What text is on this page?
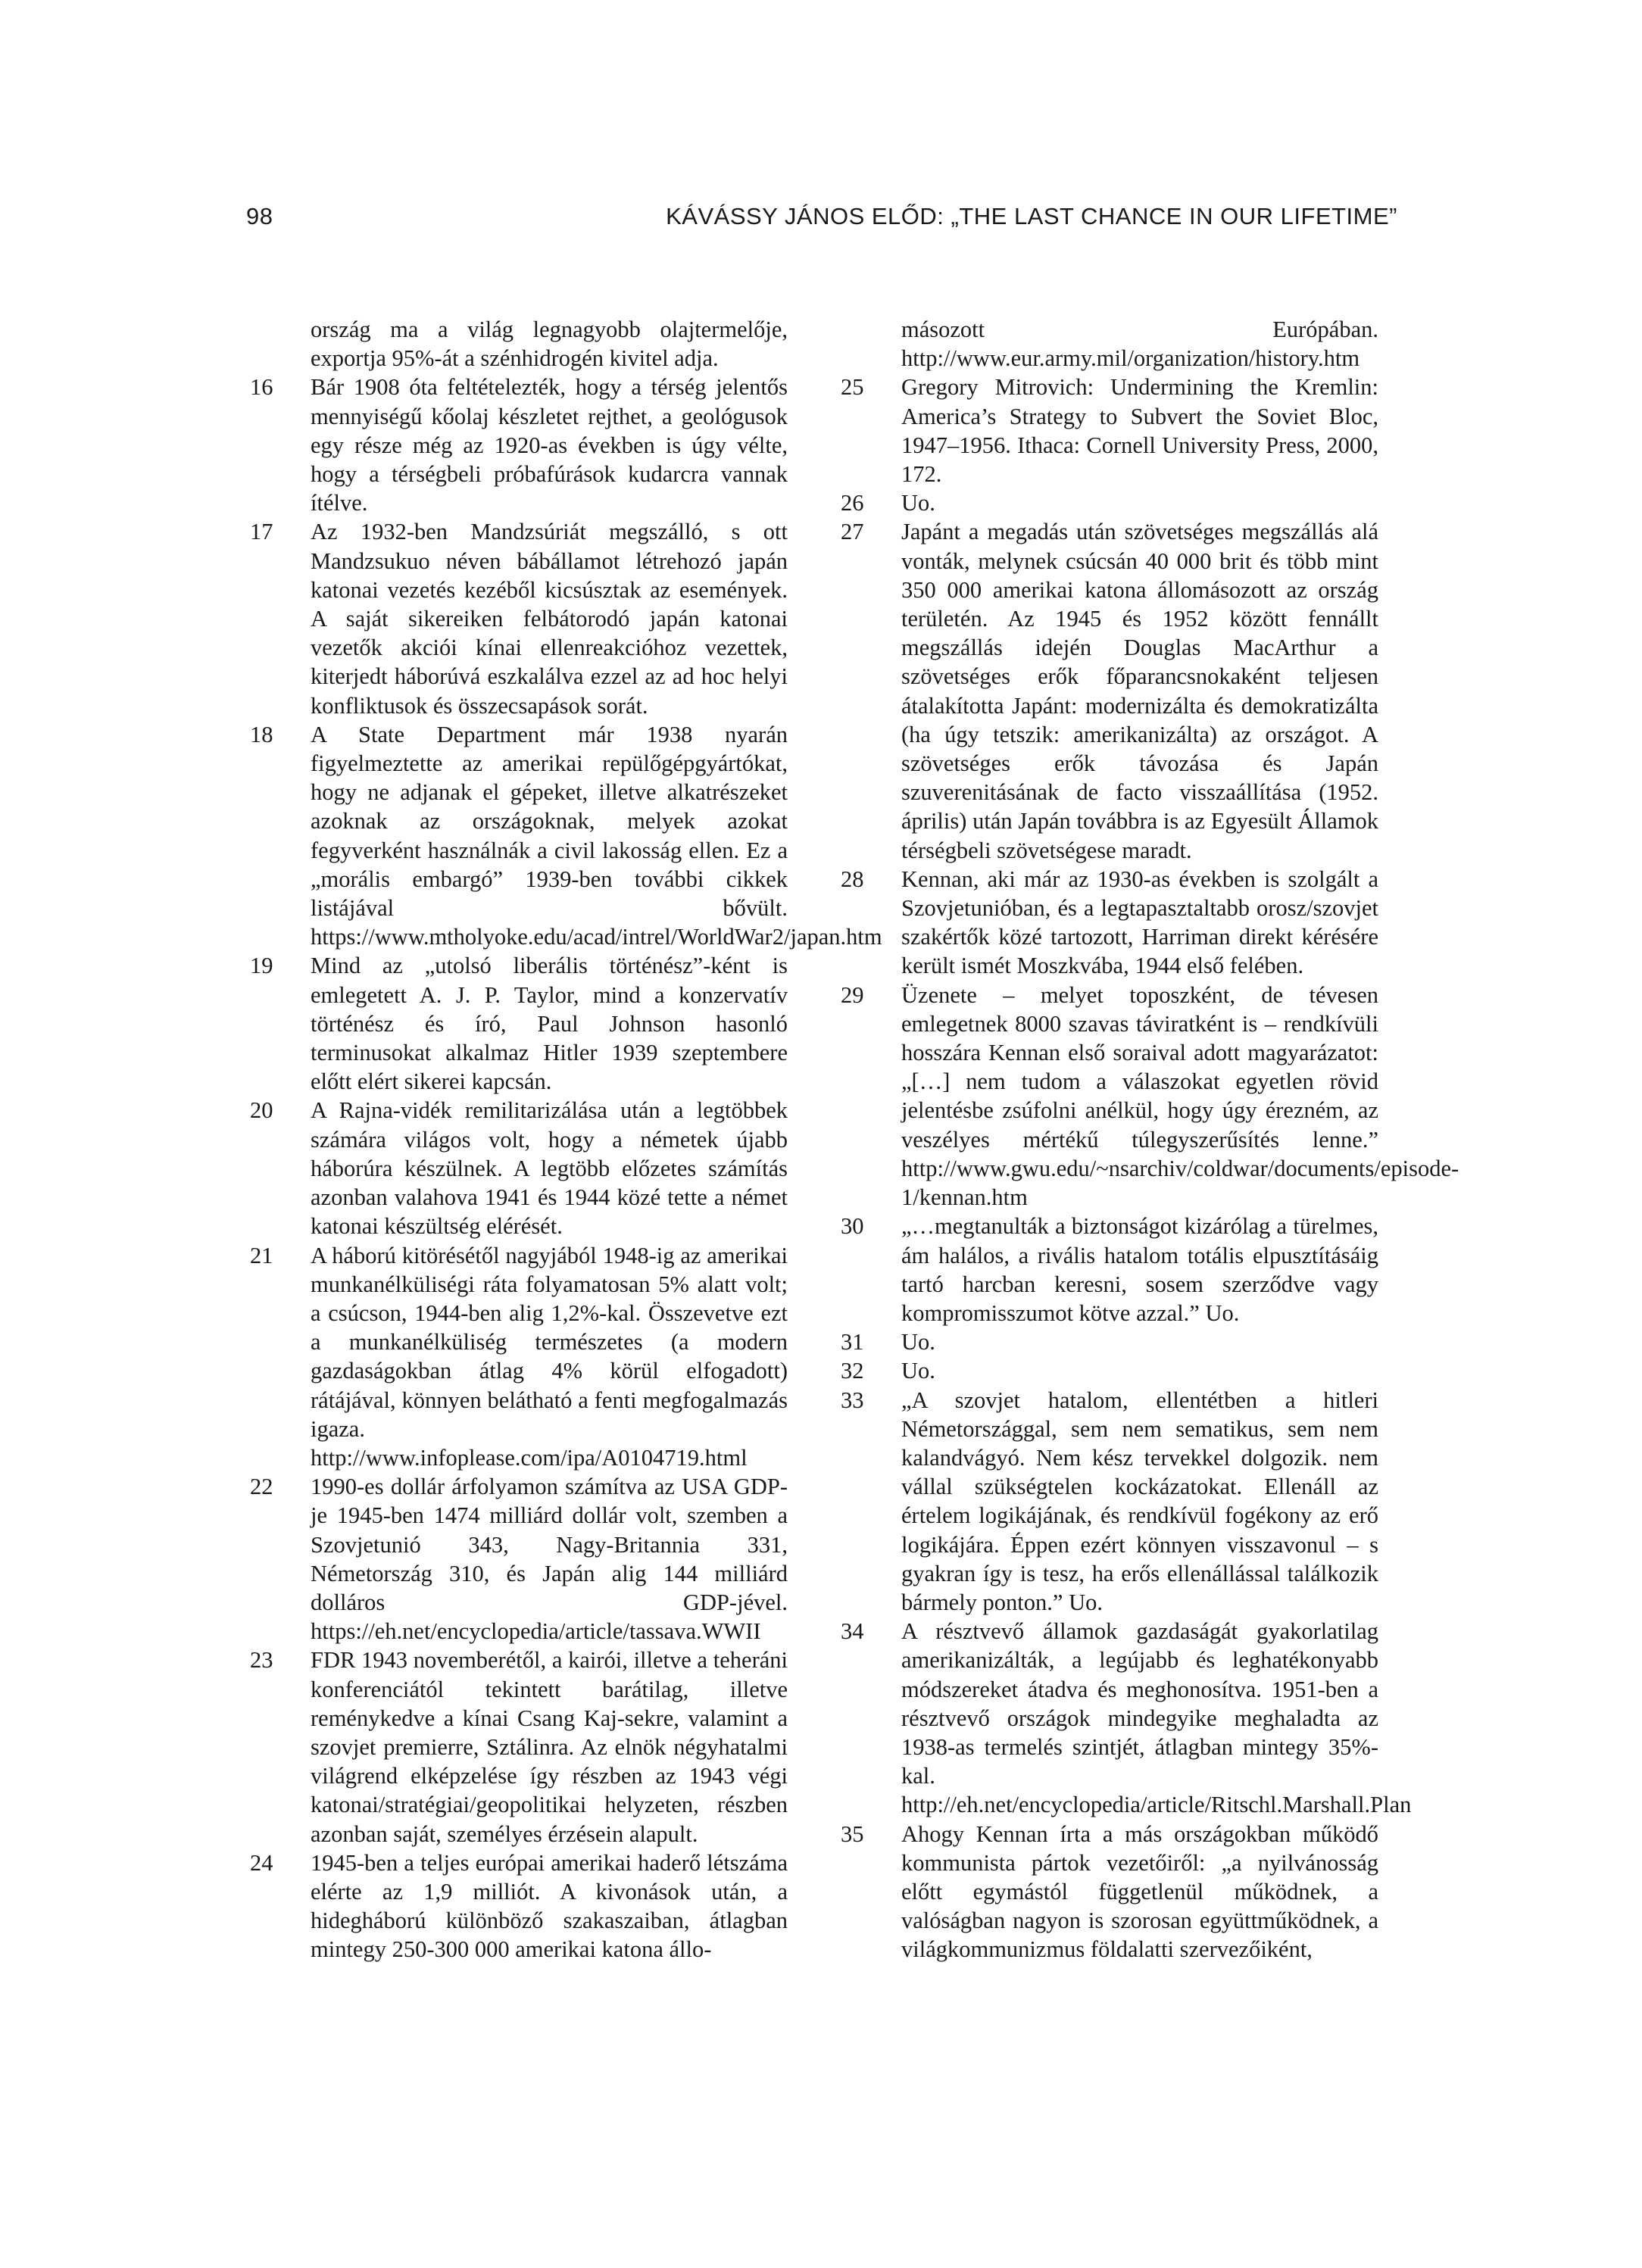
98	KÁVÁSSY JÁNOS ELŐD: „THE LAST CHANCE IN OUR LIFETIME”
ország ma a világ legnagyobb olajtermelője, exportja 95%-át a szénhidrogén kivitel adja.
16	Bár 1908 óta feltételezték, hogy a térség jelentős mennyiségű kőolaj készletet rejthet, a geológusok egy része még az 1920-as években is úgy vélte, hogy a térségbeli próbafúrások kudarcra vannak ítélve.
17	Az 1932-ben Mandzsúriát megszálló, s ott Mandzsukuo néven bábállamot létrehozó japán katonai vezetés kezéből kicsúsztak az események. A saját sikereiken felbátorodó japán katonai vezetők akciói kínai ellenreakcióhoz vezettek, kiterjedt háborúvá eszkalálva ezzel az ad hoc helyi konfliktusok és összecsapások sorát.
18	A State Department már 1938 nyarán figyelmeztette az amerikai repülőgépgyártókat, hogy ne adjanak el gépeket, illetve alkatrészeket azoknak az országoknak, melyek azokat fegyverként használnák a civil lakosság ellen. Ez a „morális embargó” 1939-ben további cikkek listájával bővült. https://www.mtholyoke.edu/acad/intrel/WorldWar2/japan.htm
19	Mind az „utolsó liberális történész”-ként is emlegetett A. J. P. Taylor, mind a konzervatív történész és író, Paul Johnson hasonló terminusokat alkalmaz Hitler 1939 szeptembere előtt elért sikerei kapcsán.
20	A Rajna-vidék remilitarizálása után a legtöbbek számára világos volt, hogy a németek újabb háborúra készülnek. A legtöbb előzetes számítás azonban valahova 1941 és 1944 közé tette a német katonai készültség elérését.
21	A háború kitörésétől nagyjából 1948-ig az amerikai munkanélküliségi ráta folyamatosan 5% alatt volt; a csúcson, 1944-ben alig 1,2%-kal. Összevetve ezt a munkanélküliség természetes (a modern gazdaságokban átlag 4% körül elfogadott) rátájával, könnyen belátható a fenti megfogalmazás igaza. http://www.infoplease.com/ipa/A0104719.html
22	1990-es dollár árfolyamon számítva az USA GDP-je 1945-ben 1474 milliárd dollár volt, szemben a Szovjetunió 343, Nagy-Britannia 331, Németország 310, és Japán alig 144 milliárd dolláros GDP-jével. https://eh.net/encyclopedia/article/tassava.WWII
23	FDR 1943 novemberétől, a kairói, illetve a teheráni konferenciától tekintett barátilag, illetve reménykedve a kínai Csang Kaj-sekre, valamint a szovjet premierre, Sztálinra. Az elnök négyhatalmi világrend elképzelése így részben az 1943 végi katonai/stratégiai/geopolitikai helyzeten, részben azonban saját, személyes érzésein alapult.
24	1945-ben a teljes európai amerikai haderő létszáma elérte az 1,9 milliót. A kivonások után, a hidegháború különböző szakaszaiban, átlagban mintegy 250-300 000 amerikai katona állo-
másozott Európában. http://www.eur.army.mil/organization/history.htm
25	Gregory Mitrovich: Undermining the Kremlin: America’s Strategy to Subvert the Soviet Bloc, 1947–1956. Ithaca: Cornell University Press, 2000, 172.
26	Uo.
27	Japánt a megadás után szövetséges megszállás alá vonták, melynek csúcsán 40 000 brit és több mint 350 000 amerikai katona állomásozott az ország területén. Az 1945 és 1952 között fennállt megszállás idején Douglas MacArthur a szövetséges erők főparancsnokaként teljesen átalakította Japánt: modernizálta és demokratizálta (ha úgy tetszik: amerikanizálta) az országot. A szövetséges erők távozása és Japán szuverenitásának de facto visszaállítása (1952. április) után Japán továbbra is az Egyesült Államok térségbeli szövetségese maradt.
28	Kennan, aki már az 1930-as években is szolgált a Szovjetunióban, és a legtapasztaltabb orosz/szovjet szakértők közé tartozott, Harriman direkt kérésére került ismét Moszkvába, 1944 első felében.
29	Üzenete – melyet toposzként, de tévesen emlegetnek 8000 szavas táviratként is – rendkívüli hosszára Kennan első soraival adott magyarázatot: „[…] nem tudom a válaszokat egyetlen rövid jelentésbe zsúfolni anélkül, hogy úgy érezném, az veszélyes mértékű túlegyszerűsítés lenne.” http://www.gwu.edu/~nsarchiv/coldwar/documents/episode-1/kennan.htm
30	„…megtanulták a biztonságot kizárólag a türelmes, ám halálos, a rivális hatalom totális elpusztításáig tartó harcban keresni, sosem szerződve vagy kompromisszumot kötve azzal.” Uo.
31	Uo.
32	Uo.
33	„A szovjet hatalom, ellentétben a hitleri Németországgal, sem nem sematikus, sem nem kalandvágyó. Nem kész tervekkel dolgozik. nem vállal szükségtelen kockázatokat. Ellenáll az értelem logikájának, és rendkívül fogékony az erő logikájára. Éppen ezért könnyen visszavonul – s gyakran így is tesz, ha erős ellenállással találkozik bármely ponton.” Uo.
34	A résztvevő államok gazdaságát gyakorlatilag amerikanizálták, a legújabb és leghatékonyabb módszereket átadva és meghonosítva. 1951-ben a résztvevő országok mindegyike meghaladta az 1938-as termelés szintjét, átlagban mintegy 35%-kal. http://eh.net/encyclopedia/article/Ritschl.Marshall.Plan
35	Ahogy Kennan írta a más országokban működő kommunista pártok vezetőiről: „a nyilvánosság előtt egymástól függetlenül működnek, a valóságban nagyon is szorosan együttműködnek, a világkommunizmus földalatti szervezőiként,
